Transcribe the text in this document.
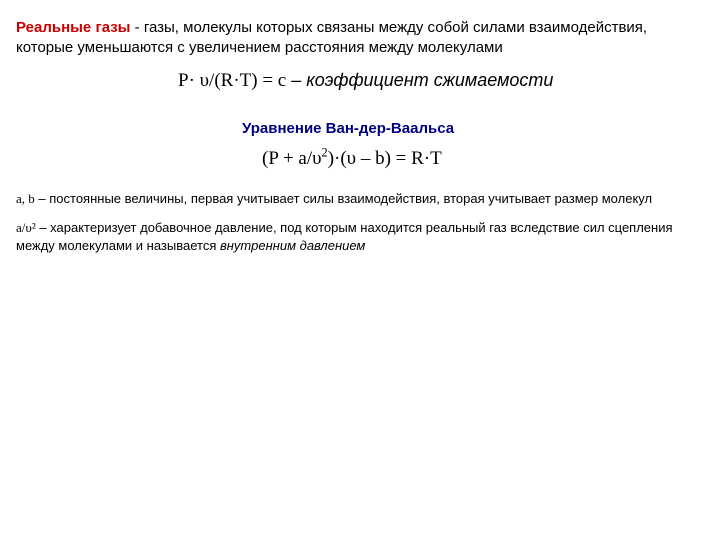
Реальные газы - газы, молекулы которых связаны между собой силами взаимодействия, которые уменьшаются с увеличением расстояния между молекулами
P· υ/(R·T) = c – коэффициент сжимаемости
Уравнение Ван-дер-Ваальса
$(P + a/\upsilon^2)\cdot(\upsilon - b) = R\cdot T$
a, b – постоянные величины, первая учитывает силы взаимодействия, вторая учитывает размер молекул
a/υ² – характеризует добавочное давление, под которым находится реальный газ вследствие сил сцепления между молекулами и называется внутренним давлением
